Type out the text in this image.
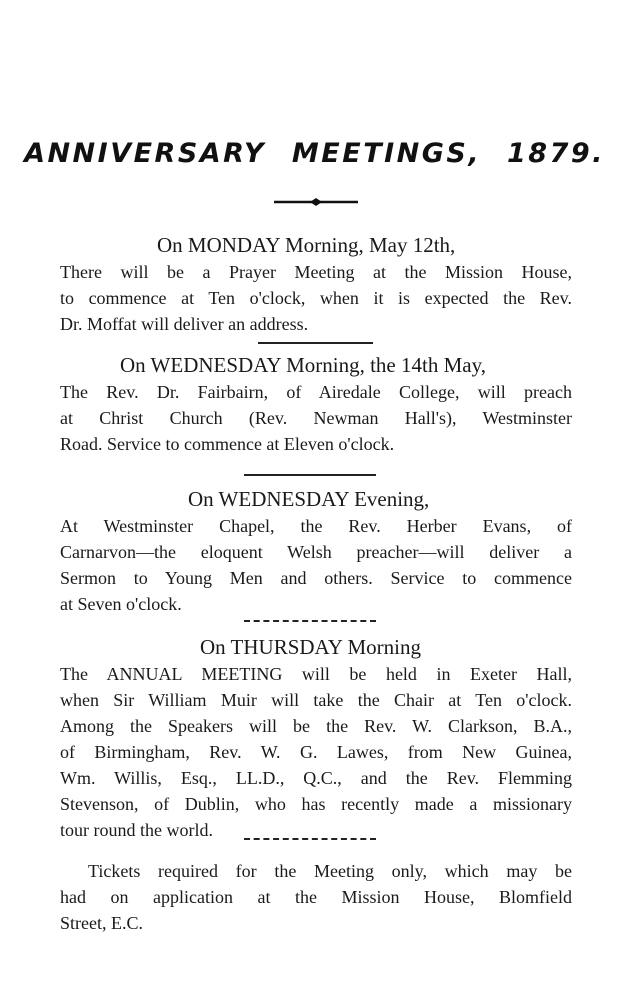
ANNIVERSARY MEETINGS, 1879.
On MONDAY Morning, May 12th,
There will be a Prayer Meeting at the Mission House,
to commence at Ten o'clock, when it is expected the Rev.
Dr. Moffat will deliver an address.
On WEDNESDAY Morning, the 14th May,
The Rev. Dr. Fairbairn, of Airedale College, will preach
at Christ Church (Rev. Newman Hall's), Westminster
Road. Service to commence at Eleven o'clock.
On WEDNESDAY Evening,
At Westminster Chapel, the Rev. Herber Evans, of
Carnarvon—the eloquent Welsh preacher—will deliver a
Sermon to Young Men and others. Service to commence
at Seven o'clock.
On THURSDAY Morning
The ANNUAL MEETING will be held in Exeter Hall,
when Sir William Muir will take the Chair at Ten o'clock.
Among the Speakers will be the Rev. W. Clarkson, B.A.,
of Birmingham, Rev. W. G. Lawes, from New Guinea,
Wm. Willis, Esq., LL.D., Q.C., and the Rev. Flemming
Stevenson, of Dublin, who has recently made a missionary
tour round the world.
Tickets required for the Meeting only, which may be
had on application at the Mission House, Blomfield
Street, E.C.
